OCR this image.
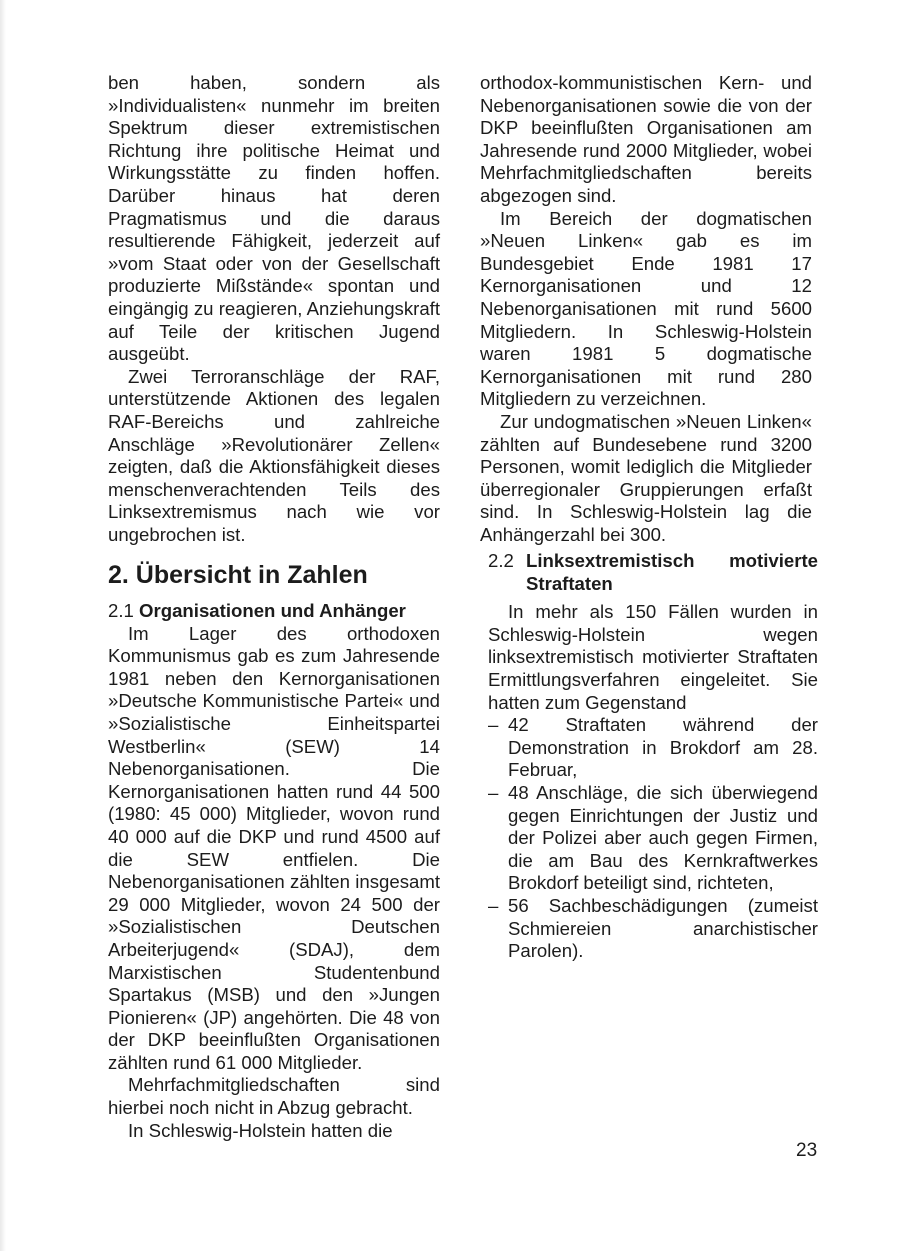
ben haben, sondern als »Individualisten« nunmehr im breiten Spektrum dieser extremistischen Richtung ihre politische Heimat und Wirkungsstätte zu finden hoffen. Darüber hinaus hat deren Pragmatismus und die daraus resultierende Fähigkeit, jederzeit auf »vom Staat oder von der Gesellschaft produzierte Mißstände« spontan und eingängig zu reagieren, Anziehungskraft auf Teile der kritischen Jugend ausgeübt.

Zwei Terroranschläge der RAF, unterstützende Aktionen des legalen RAF-Bereichs und zahlreiche Anschläge »Revolutionärer Zellen« zeigten, daß die Aktionsfähigkeit dieses menschenverachtenden Teils des Linksextremismus nach wie vor ungebrochen ist.

2. Übersicht in Zahlen
2.1 Organisationen und Anhänger

Im Lager des orthodoxen Kommunismus gab es zum Jahresende 1981 neben den Kernorganisationen »Deutsche Kommunistische Partei« und »Sozialistische Einheitspartei Westberlin« (SEW) 14 Nebenorganisationen. Die Kernorganisationen hatten rund 44 500 (1980: 45 000) Mitglieder, wovon rund 40 000 auf die DKP und rund 4500 auf die SEW entfielen. Die Nebenorganisationen zählten insgesamt 29 000 Mitglieder, wovon 24 500 der »Sozialistischen Deutschen Arbeiterjugend« (SDAJ), dem Marxistischen Studentenbund Spartakus (MSB) und den »Jungen Pionieren« (JP) angehörten. Die 48 von der DKP beeinflußten Organisationen zählten rund 61 000 Mitglieder.

Mehrfachmitgliedschaften sind hierbei noch nicht in Abzug gebracht.

In Schleswig-Holstein hatten die

orthodox-kommunistischen Kern- und Nebenorganisationen sowie die von der DKP beeinflußten Organisationen am Jahresende rund 2000 Mitglieder, wobei Mehrfachmitgliedschaften bereits abgezogen sind.

Im Bereich der dogmatischen »Neuen Linken« gab es im Bundesgebiet Ende 1981 17 Kernorganisationen und 12 Nebenorganisationen mit rund 5600 Mitgliedern. In Schleswig-Holstein waren 1981 5 dogmatische Kernorganisationen mit rund 280 Mitgliedern zu verzeichnen.

Zur undogmatischen »Neuen Linken« zählten auf Bundesebene rund 3200 Personen, womit lediglich die Mitglieder überregionaler Gruppierungen erfaßt sind. In Schleswig-Holstein lag die Anhängerzahl bei 300.

2.2 Linksextremistisch motivierte Straftaten

In mehr als 150 Fällen wurden in Schleswig-Holstein wegen linksextremistisch motivierter Straftaten Ermittlungsverfahren eingeleitet. Sie hatten zum Gegenstand

– 42 Straftaten während der Demonstration in Brokdorf am 28. Februar,
– 48 Anschläge, die sich überwiegend gegen Einrichtungen der Justiz und der Polizei aber auch gegen Firmen, die am Bau des Kernkraftwerkes Brokdorf beteiligt sind, richteten,
– 56 Sachbeschädigungen (zumeist Schmiereien anarchistischer Parolen).
23
